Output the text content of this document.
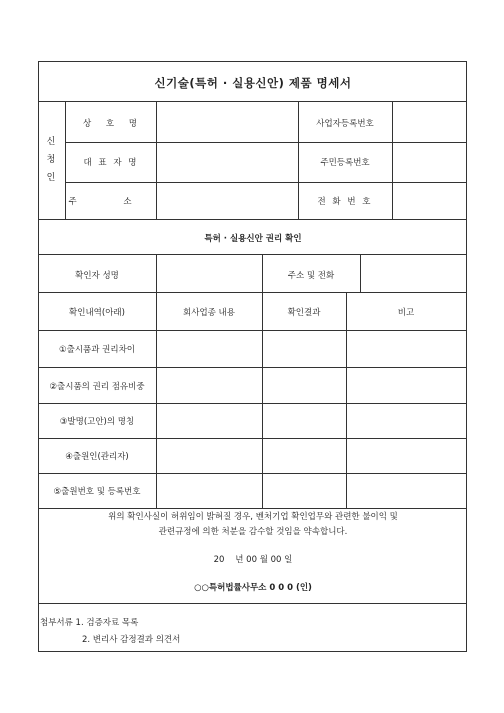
신기술(특허 · 실용신안) 제품 명세서
신
청
인
상 호 명	사업자등록번호
대 표 자 명	주민등록번호
주 소	전 화 번 호
특허 · 실용신안 권리 확인
확인자 성명	주소 및 전화
확인내역(아래)	회사업종 내용	확인결과	비고
①출시품과 권리차이
②출시품의 권리 점유비중
③발명(고안)의 명칭
④출원인(관리자)
⑤출원번호 및 등록번호
위의 확인사실이 허위임이 밝혀질 경우, 벤처기업 확인업무와 관련한 불이익 및
관련규정에 의한 처분을 감수할 것임을 약속합니다.
20    년 00 월 00 일
○○특허법률사무소 0 0 0 (인)
첨부서류 1. 검증자료 목록
2. 변리사 감정결과 의견서
